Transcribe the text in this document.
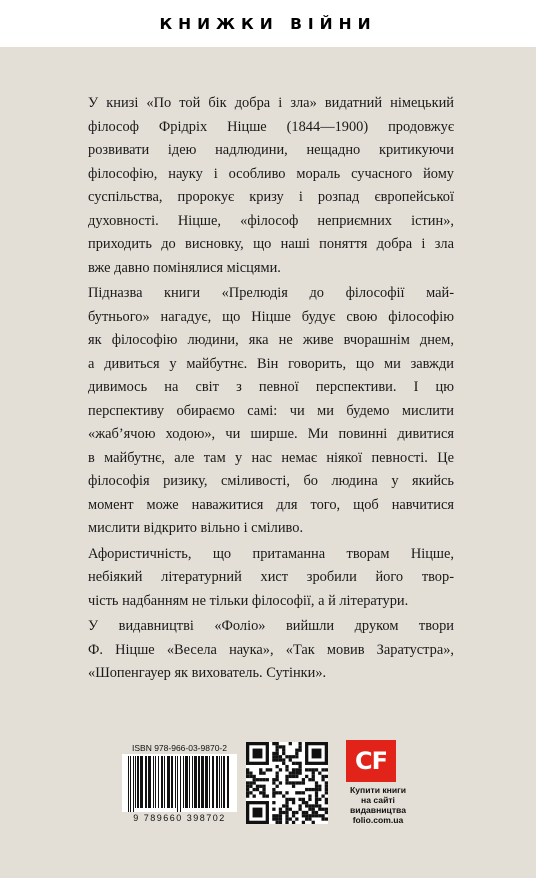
КНИЖКИ ВІЙНИ
У книзі «По той бік добра і зла» видатний німецький
філософ Фрідріх Ніцше (1844—1900) продовжує
розвивати ідею надлюдини, нещадно критикуючи
філософію, науку і особливо мораль сучасного йому
суспільства, пророкує кризу і розпад європейської
духовності. Ніцше, «філософ неприємних істин»,
приходить до висновку, що наші поняття добра і зла
вже давно помінялися місцями.
Підназва книги «Прелюдія до філософії май-
бутнього» нагадує, що Ніцше будує свою філософію
як філософію людини, яка не живе вчорашнім днем,
а дивиться у майбутнє. Він говорить, що ми завжди
дивимось на світ з певної перспективи. І цю
перспективу обираємо самі: чи ми будемо мислити
«жаб’ячою ходою», чи ширше. Ми повинні дивитися
в майбутнє, але там у нас немає ніякої певності. Це
філософія ризику, сміливості, бо людина у якийсь
момент може наважитися для того, щоб навчитися
мислити відкрито вільно і сміливо.
Афористичність, що притаманна творам Ніцше,
небіякий літературний хист зробили його твор-
чість надбанням не тільки філософії, а й літератури.
У видавництві «Фоліо» вийшли друком твори
Ф. Ніцше «Весела наука», «Так мовив Заратустра»,
«Шопенгауер як вихователь. Сутінки».
ISBN 978-966-03-9870-2
9 789660 398702
CF
Купити книги
на сайті
видавництва
folio.com.ua
